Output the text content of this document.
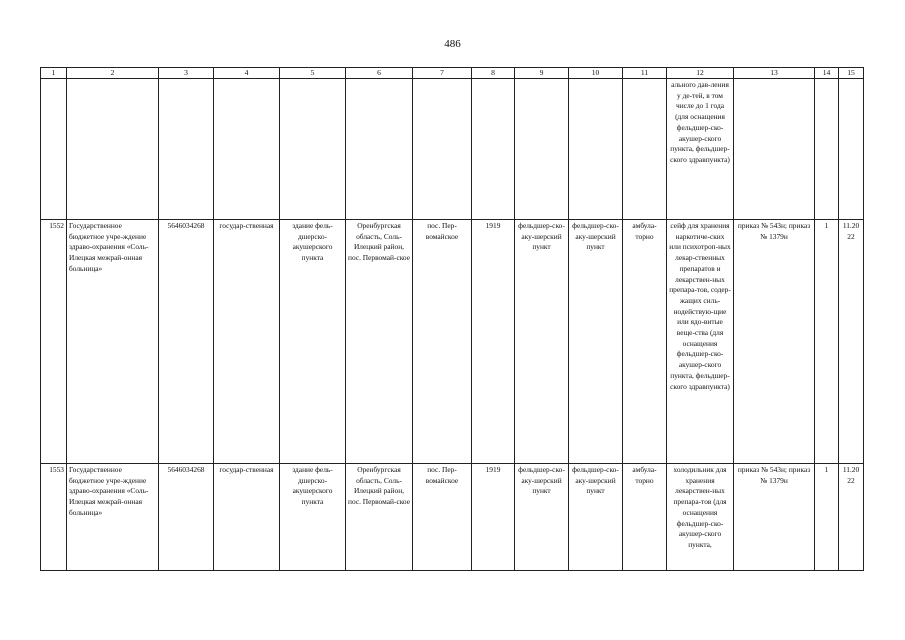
486
1	2	3	4	5	6	7	8	9	10	11	12	13	14	15
											ального дав-ления у де-тей, в том числе до 1 года (для оснащения фельдшер-ско-акушер-ского пункта, фельдшер-ского здравпункта)			
1552	Государственное бюджетное учре-ждение здраво-охранения «Соль-Илецкая межрай-онная больница»	5646034268	государ-ственная	здание фель-дшерско-акушерского пункта	Оренбургская область, Соль-Илецкий район, пос. Первомай-ское	пос. Пер-вомайское	1919	фельдшер-ско-аку-шерский пункт	фельдшер-ско-аку-шерский пункт	амбула-торно	сейф для хранения наркотиче-ских или психотроп-ных лекар-ственных препаратов и лекарствен-ных препара-тов, содер-жащих силь-нодействую-щие или ядо-витые веще-ства (для оснащения фельдшер-ско-акушер-ского пункта, фельдшер-ского здравпункта)	приказ № 543н; приказ № 1379н	1	11.2022
1553	Государственное бюджетное учре-ждение здраво-охранения «Соль-Илецкая межрай-онная больница»	5646034268	государ-ственная	здание фель-дшерско-акушерского пункта	Оренбургская область, Соль-Илецкий район, пос. Первомай-ское	пос. Пер-вомайское	1919	фельдшер-ско-аку-шерский пункт	фельдшер-ско-аку-шерский пункт	амбула-торно	холодильник для хранения лекарствен-ных препара-тов (для оснащения фельдшер-ско-акушер-ского пункта,	приказ № 543н; приказ № 1379н	1	11.2022
